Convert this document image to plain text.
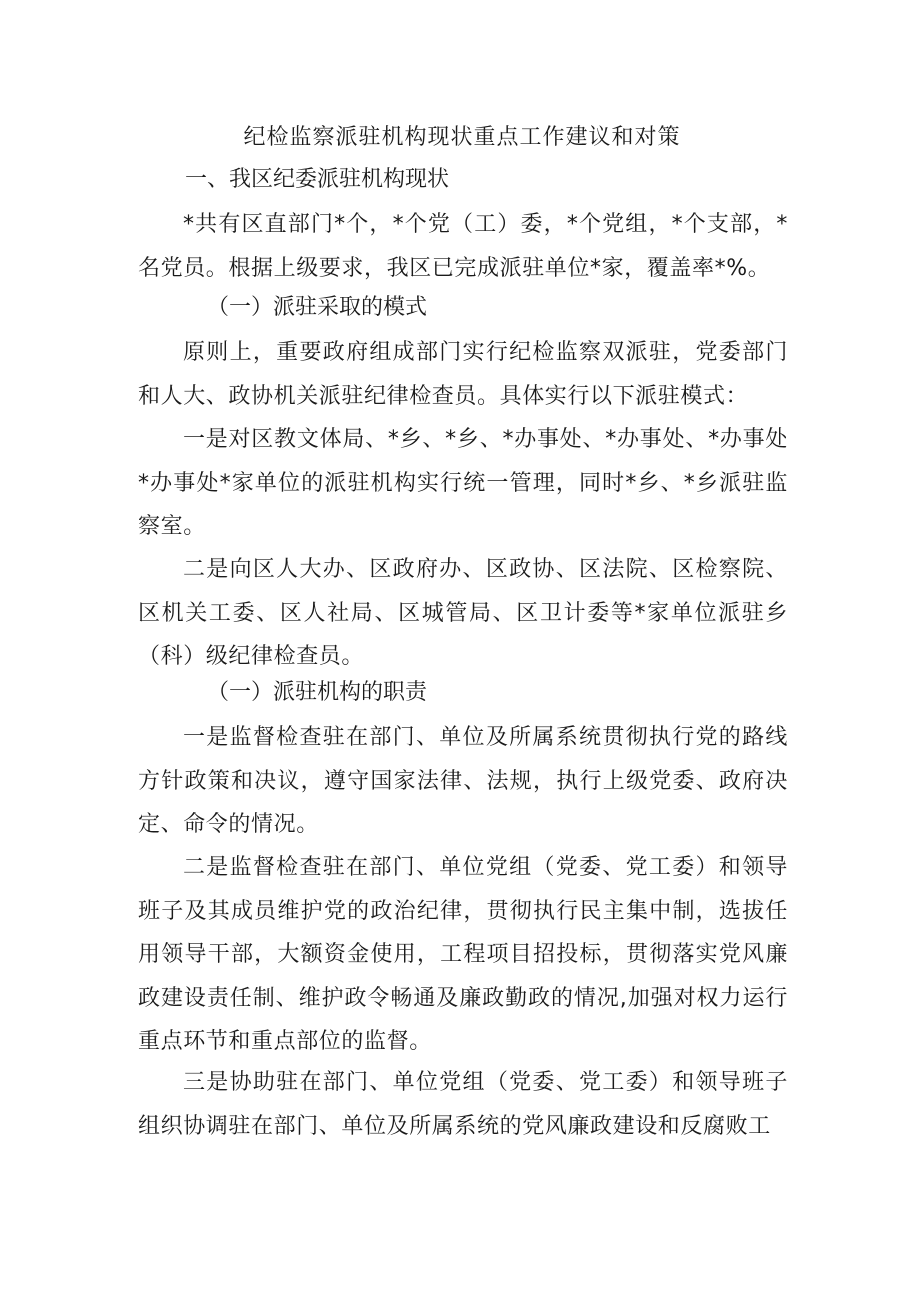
纪检监察派驻机构现状重点工作建议和对策
一、我区纪委派驻机构现状
*共有区直部门*个，*个党（工）委，*个党组，*个支部，*名党员。根据上级要求，我区已完成派驻单位*家，覆盖率*%。
（一）派驻采取的模式
原则上，重要政府组成部门实行纪检监察双派驻，党委部门和人大、政协机关派驻纪律检查员。具体实行以下派驻模式：
一是对区教文体局、*乡、*乡、*办事处、*办事处、*办事处*办事处*家单位的派驻机构实行统一管理，同时*乡、*乡派驻监察室。
二是向区人大办、区政府办、区政协、区法院、区检察院、区机关工委、区人社局、区城管局、区卫计委等*家单位派驻乡（科）级纪律检查员。
（一）派驻机构的职责
一是监督检查驻在部门、单位及所属系统贯彻执行党的路线方针政策和决议，遵守国家法律、法规，执行上级党委、政府决定、命令的情况。
二是监督检查驻在部门、单位党组（党委、党工委）和领导班子及其成员维护党的政治纪律，贯彻执行民主集中制，选拔任用领导干部，大额资金使用，工程项目招投标，贯彻落实党风廉政建设责任制、维护政令畅通及廉政勤政的情况,加强对权力运行重点环节和重点部位的监督。
三是协助驻在部门、单位党组（党委、党工委）和领导班子组织协调驻在部门、单位及所属系统的党风廉政建设和反腐败工
